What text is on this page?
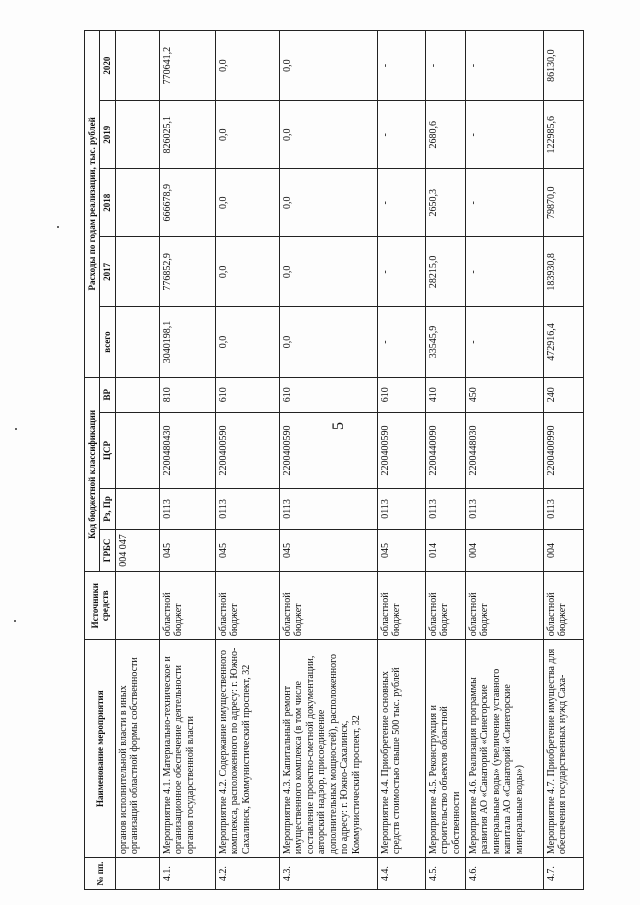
5
№ пп.	Наименование мероприятия	Источники средств	Код бюджетной классификации				Расходы по годам реализации, тыс. рублей				
			ГРБС	Рз, Пр	ЦСР	ВР	всего	2017	2018	2019	2020
	органов исполнительной власти в иных организаций областной формы собственности		004 047								
4.1.	Мероприятие 4.1. Материально-техническое и организационное обеспечение деятельности органов государственной власти	областной бюджет	045	0113	2200480430	810	3040198,1	776852,9	666678,9	826025,1	770641,2
4.2.	Мероприятие 4.2. Содержание имущественного комплекса, расположенного по адресу: г. Южно-Сахалинск, Коммунистический проспект, 32	областной бюджет	045	0113	2200400590	610	0,0	0,0	0,0	0,0	0,0
4.3.	Мероприятие 4.3. Капитальный ремонт имущественного комплекса (в том числе составление проектно-сметной документации, авторский надзор, присоединение дополнительных мощностей), расположенного по адресу: г. Южно-Сахалинск, Коммунистический проспект, 32	областной бюджет	045	0113	2200400590	610	0,0	0,0	0,0	0,0	0,0
4.4.	Мероприятие 4.4. Приобретение основных средств стоимостью свыше 500 тыс. рублей	областной бюджет	045	0113	2200400590	610	-	-	-	-	-
4.5.	Мероприятие 4.5. Реконструкция и строительство объектов областной собственности	областной бюджет	014	0113	2200440090	410	33545,9	28215,0	2650,3	2680,6	-
4.6.	Мероприятие 4.6. Реализация программы развития АО «Санаторий «Синегорские минеральные воды» (увеличение уставного капитала АО «Санаторий «Синегорские минеральные воды»)	областной бюджет	004	0113	2200448030	450	-	-	-	-	-
4.7.	Мероприятие 4.7. Приобретение имущества для обеспечения государственных нужд Саха-	областной бюджет	004	0113	2200400990	240	472916,4	183930,8	79870,0	122985,6	86130,0
